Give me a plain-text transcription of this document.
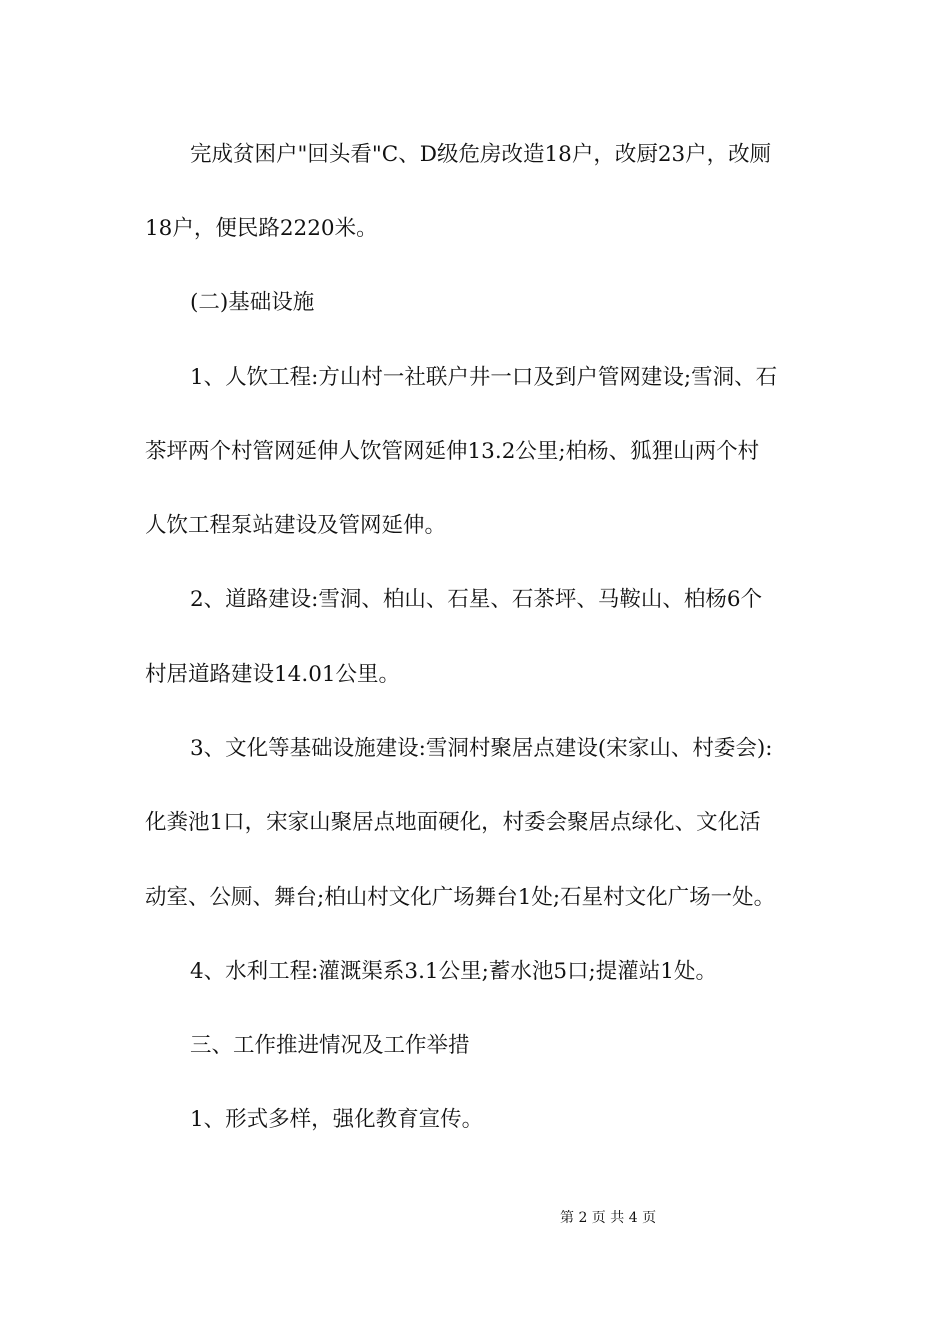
完成贫困户"回头看"C、D级危房改造18户，改厨23户，改厕
18户，便民路2220米。
(二)基础设施
1、人饮工程:方山村一社联户井一口及到户管网建设;雪洞、石
茶坪两个村管网延伸人饮管网延伸13.2公里;柏杨、狐狸山两个村
人饮工程泵站建设及管网延伸。
2、道路建设:雪洞、柏山、石星、石茶坪、马鞍山、柏杨6个
村居道路建设14.01公里。
3、文化等基础设施建设:雪洞村聚居点建设(宋家山、村委会):
化粪池1口，宋家山聚居点地面硬化，村委会聚居点绿化、文化活
动室、公厕、舞台;柏山村文化广场舞台1处;石星村文化广场一处。
4、水利工程:灌溉渠系3.1公里;蓄水池5口;提灌站1处。
三、工作推进情况及工作举措
1、形式多样，强化教育宣传。
第 2 页 共 4 页
